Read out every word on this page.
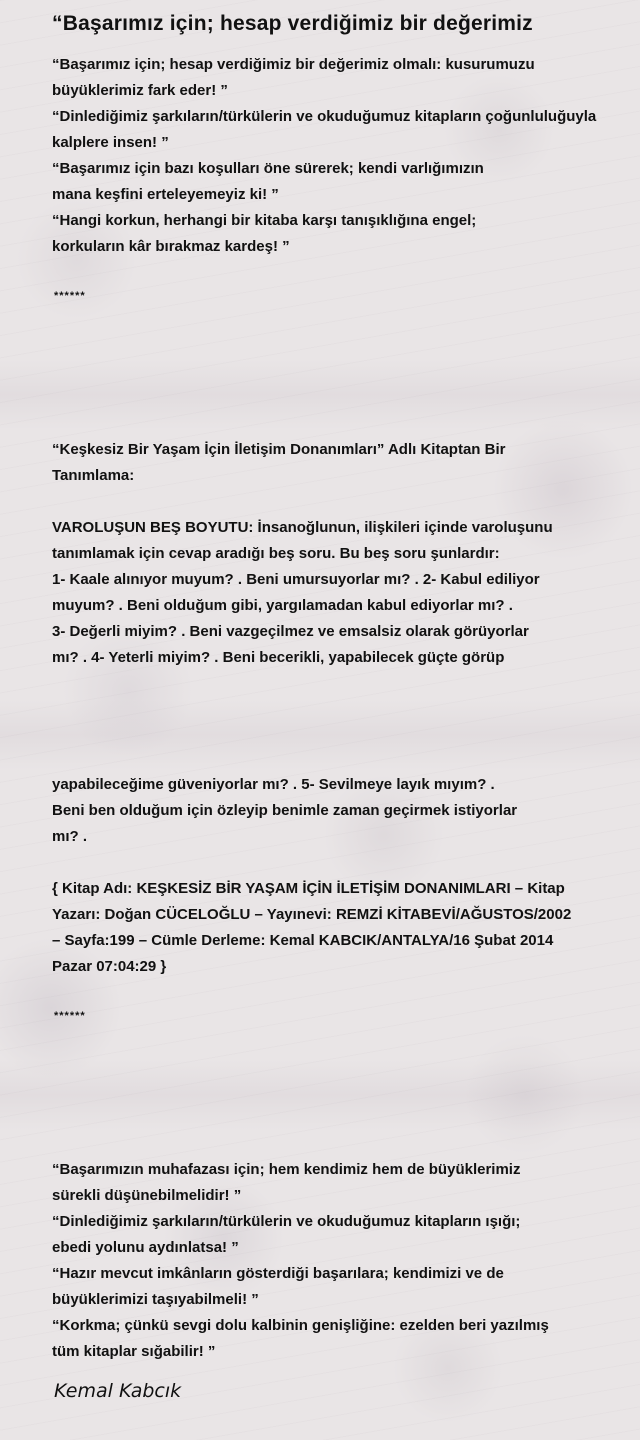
“Başarımız için; hesap verdiğimiz bir değerimiz
“Başarımız için; hesap verdiğimiz bir değerimiz olmalı: kusurumuzu
büyüklerimiz fark eder! ”
“Dinlediğimiz şarkıların/türkülerin ve okuduğumuz kitapların çoğunluluğuyla
kalplere insen! ”
“Başarımız için bazı koşulları öne sürerek; kendi varlığımızın
mana keşfini erteleyemeyiz ki! ”
“Hangi korkun, herhangi bir kitaba karşı tanışıklığına engel;
korkuların kâr bırakmaz kardeş! ”
******
“Keşkesiz Bir Yaşam İçin İletişim Donanımları” Adlı Kitaptan Bir
Tanımlama:
VAROLUŞUN BEŞ BOYUTU: İnsanoğlunun, ilişkileri içinde varoluşunu
tanımlamak için cevap aradığı beş soru. Bu beş soru şunlardır:
1- Kaale alınıyor muyum? . Beni umursuyorlar mı? . 2- Kabul ediliyor
muyum? . Beni olduğum gibi, yargılamadan kabul ediyorlar mı? .
3- Değerli miyim? . Beni vazgeçilmez ve emsalsiz olarak görüyorlar
mı? . 4- Yeterli miyim? . Beni becerikli, yapabilecek güçte görüp
yapabileceğime güveniyorlar mı? . 5- Sevilmeye layık mıyım? .
Beni ben olduğum için özleyip benimle zaman geçirmek istiyorlar
mı? .
{ Kitap Adı: KEŞKESİZ BİR YAŞAM İÇİN İLETİŞİM DONANIMLARI – Kitap
Yazarı: Doğan CÜCELOĞLU – Yayınevi: REMZİ KİTABEVİ/AĞUSTOS/2002
– Sayfa:199 – Cümle Derleme: Kemal KABCIK/ANTALYA/16 Şubat 2014
Pazar 07:04:29 }
******
“Başarımızın muhafazası için; hem kendimiz hem de büyüklerimiz
sürekli düşünebilmelidir! ”
“Dinlediğimiz şarkıların/türkülerin ve okuduğumuz kitapların ışığı;
ebedi yolunu aydınlatsa! ”
“Hazır mevcut imkânların gösterdiği başarılara; kendimizi ve de
büyüklerimizi taşıyabilmeli! ”
“Korkma; çünkü sevgi dolu kalbinin genişliğine: ezelden beri yazılmış
tüm kitaplar sığabilir! ”
Kemal Kabcık
